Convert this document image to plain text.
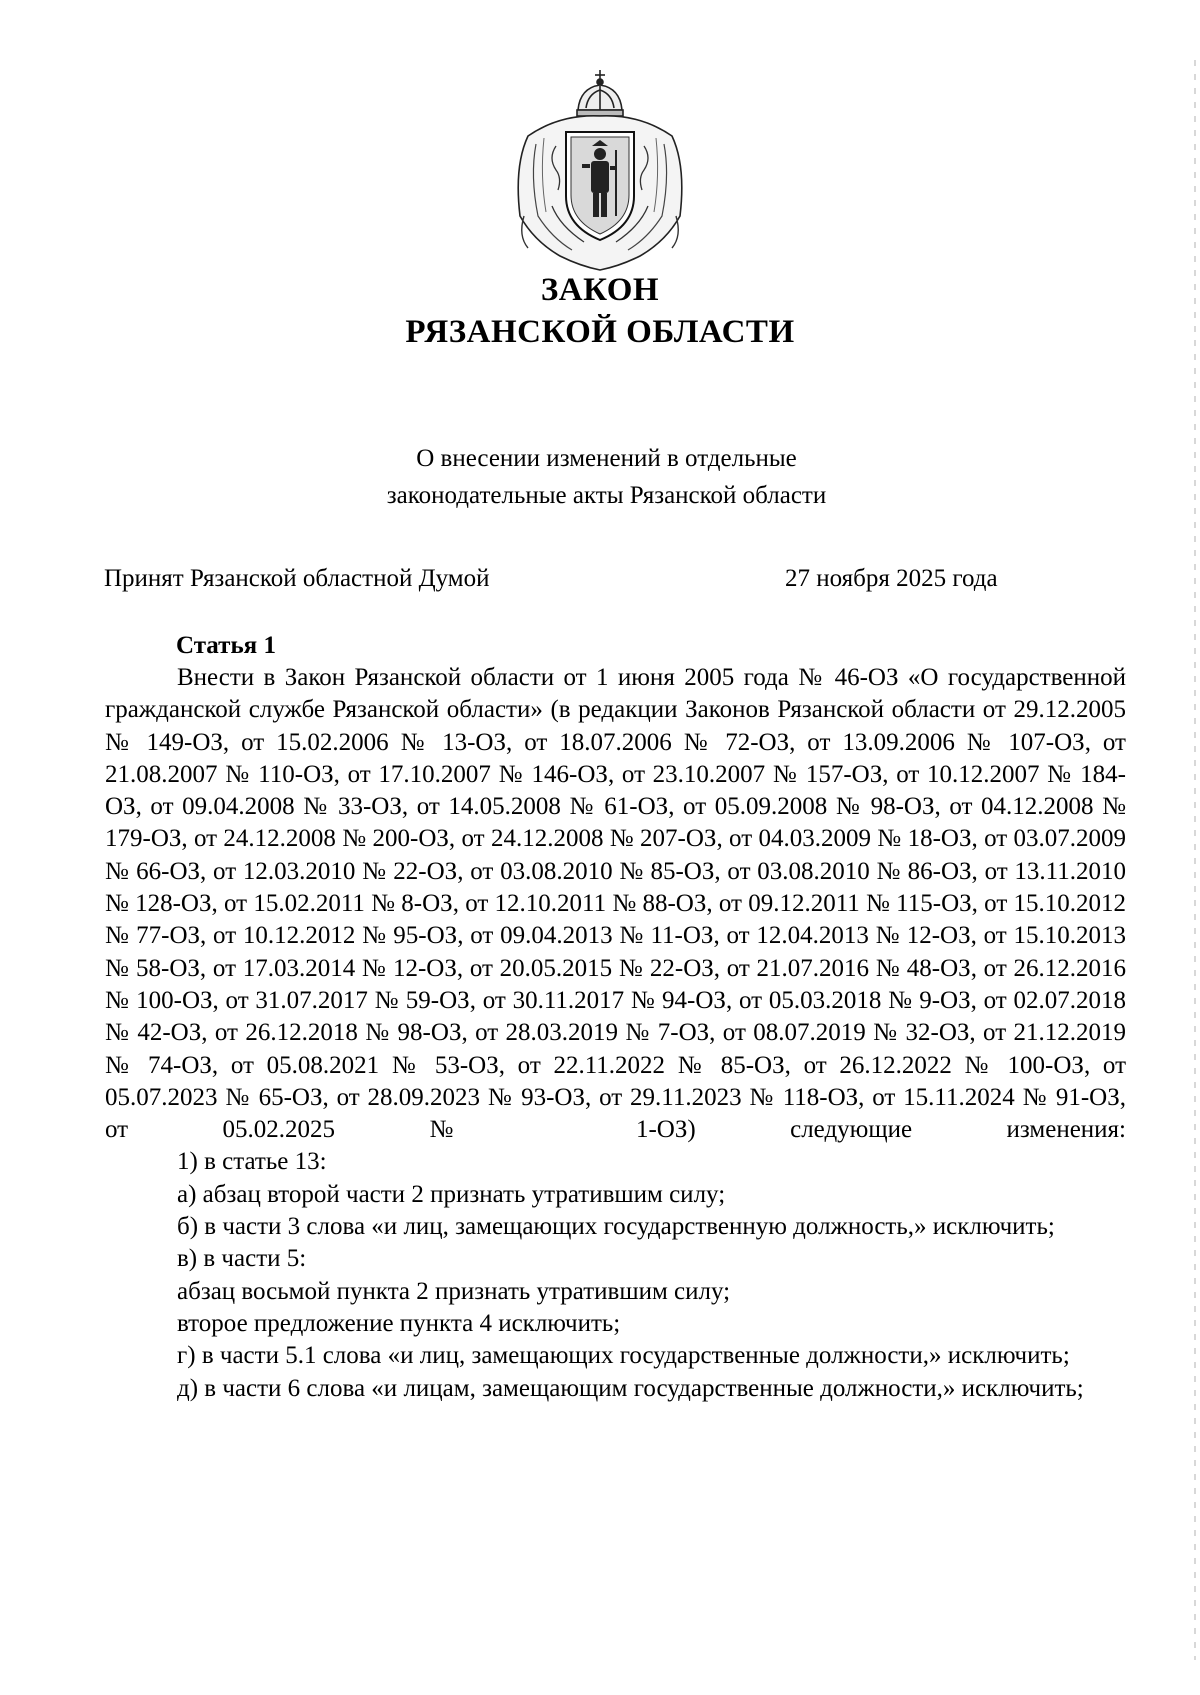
ЗАКОН
РЯЗАНСКОЙ ОБЛАСТИ
О внесении изменений в отдельные
законодательные акты Рязанской области
Принят Рязанской областной Думой	27 ноября 2025 года
Статья 1

Внести в Закон Рязанской области от 1 июня 2005 года № 46-ОЗ «О государственной гражданской службе Рязанской области» (в редакции Законов Рязанской области от 29.12.2005 № 149-ОЗ, от 15.02.2006 № 13-ОЗ, от 18.07.2006 № 72-ОЗ, от 13.09.2006 № 107-ОЗ, от 21.08.2007 № 110-ОЗ, от 17.10.2007 № 146-ОЗ, от 23.10.2007 № 157-ОЗ, от 10.12.2007 № 184-ОЗ, от 09.04.2008 № 33-ОЗ, от 14.05.2008 № 61-ОЗ, от 05.09.2008 № 98-ОЗ, от 04.12.2008 № 179-ОЗ, от 24.12.2008 № 200-ОЗ, от 24.12.2008 № 207-ОЗ, от 04.03.2009 № 18-ОЗ, от 03.07.2009 № 66-ОЗ, от 12.03.2010 № 22-ОЗ, от 03.08.2010 № 85-ОЗ, от 03.08.2010 № 86-ОЗ, от 13.11.2010 № 128-ОЗ, от 15.02.2011 № 8-ОЗ, от 12.10.2011 № 88-ОЗ, от 09.12.2011 № 115-ОЗ, от 15.10.2012 № 77-ОЗ, от 10.12.2012 № 95-ОЗ, от 09.04.2013 № 11-ОЗ, от 12.04.2013 № 12-ОЗ, от 15.10.2013 № 58-ОЗ, от 17.03.2014 № 12-ОЗ, от 20.05.2015 № 22-ОЗ, от 21.07.2016 № 48-ОЗ, от 26.12.2016 № 100-ОЗ, от 31.07.2017 № 59-ОЗ, от 30.11.2017 № 94-ОЗ, от 05.03.2018 № 9-ОЗ, от 02.07.2018 № 42-ОЗ, от 26.12.2018 № 98-ОЗ, от 28.03.2019 № 7-ОЗ, от 08.07.2019 № 32-ОЗ, от 21.12.2019 № 74-ОЗ, от 05.08.2021 № 53-ОЗ, от 22.11.2022 № 85-ОЗ, от 26.12.2022 № 100-ОЗ, от 05.07.2023 № 65-ОЗ, от 28.09.2023 № 93-ОЗ, от 29.11.2023 № 118-ОЗ, от 15.11.2024 № 91-ОЗ, от 05.02.2025 № 1-ОЗ) следующие изменения:

1) в статье 13:

а) абзац второй части 2 признать утратившим силу;

б) в части 3 слова «и лиц, замещающих государственную должность,» исключить;

в) в части 5:

абзац восьмой пункта 2 признать утратившим силу;

второе предложение пункта 4 исключить;

г) в части 5.1 слова «и лиц, замещающих государственные должности,» исключить;

д) в части 6 слова «и лицам, замещающим государственные должности,» исключить;
